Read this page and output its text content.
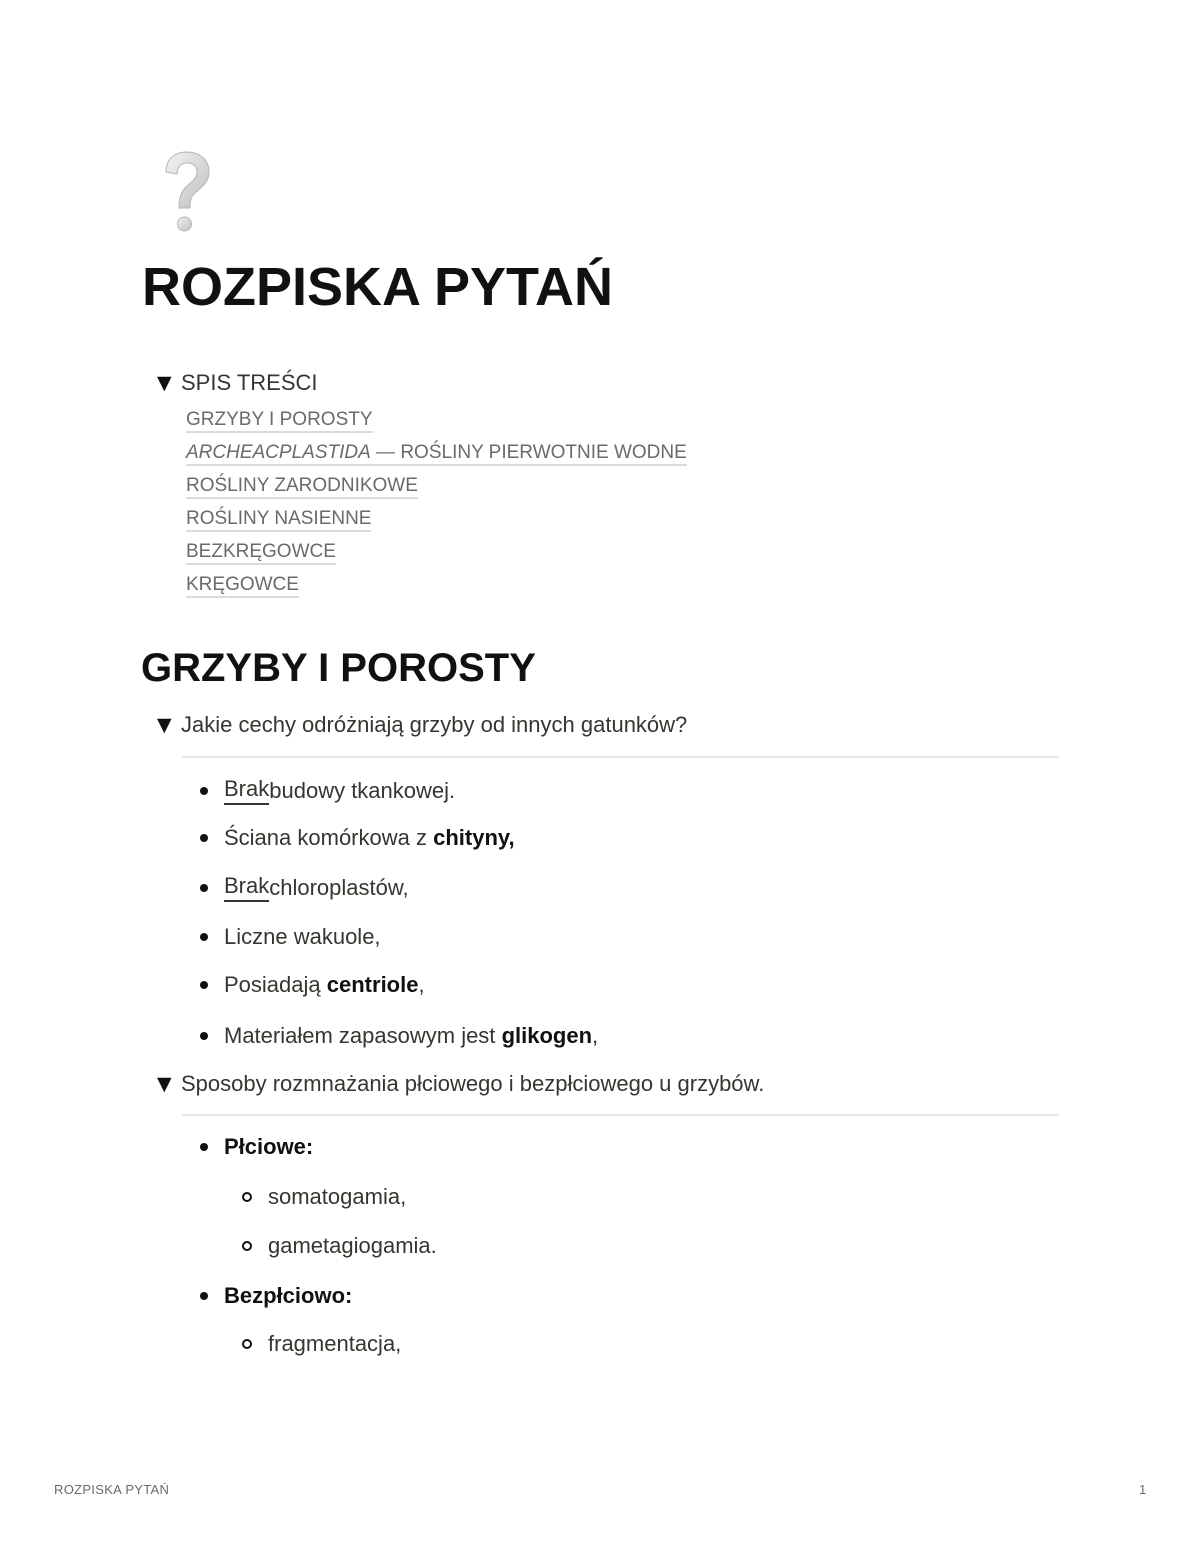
ROZPISKA PYTAŃ
▼ SPIS TREŚCI
GRZYBY I POROSTY
ARCHEACPLASTIDA — ROŚLINY PIERWOTNIE WODNE
ROŚLINY ZARODNIKOWE
ROŚLINY NASIENNE
BEZKRĘGOWCE
KRĘGOWCE
GRZYBY I POROSTY
▼ Jakie cechy odróżniają grzyby od innych gatunków?
Brak budowy tkankowej.
Ściana komórkowa z
chityny,
Brak chloroplastów,
Liczne wakuole,
Posiadają
centriole ,
Materiałem zapasowym jest
glikogen ,
▼ Sposoby rozmnażania płciowego i bezpłciowego u grzybów.
Płciowe:
somatogamia,
gametagiogamia.
Bezpłciowo:
fragmentacja,
ROZPISKA PYTAŃ	1
